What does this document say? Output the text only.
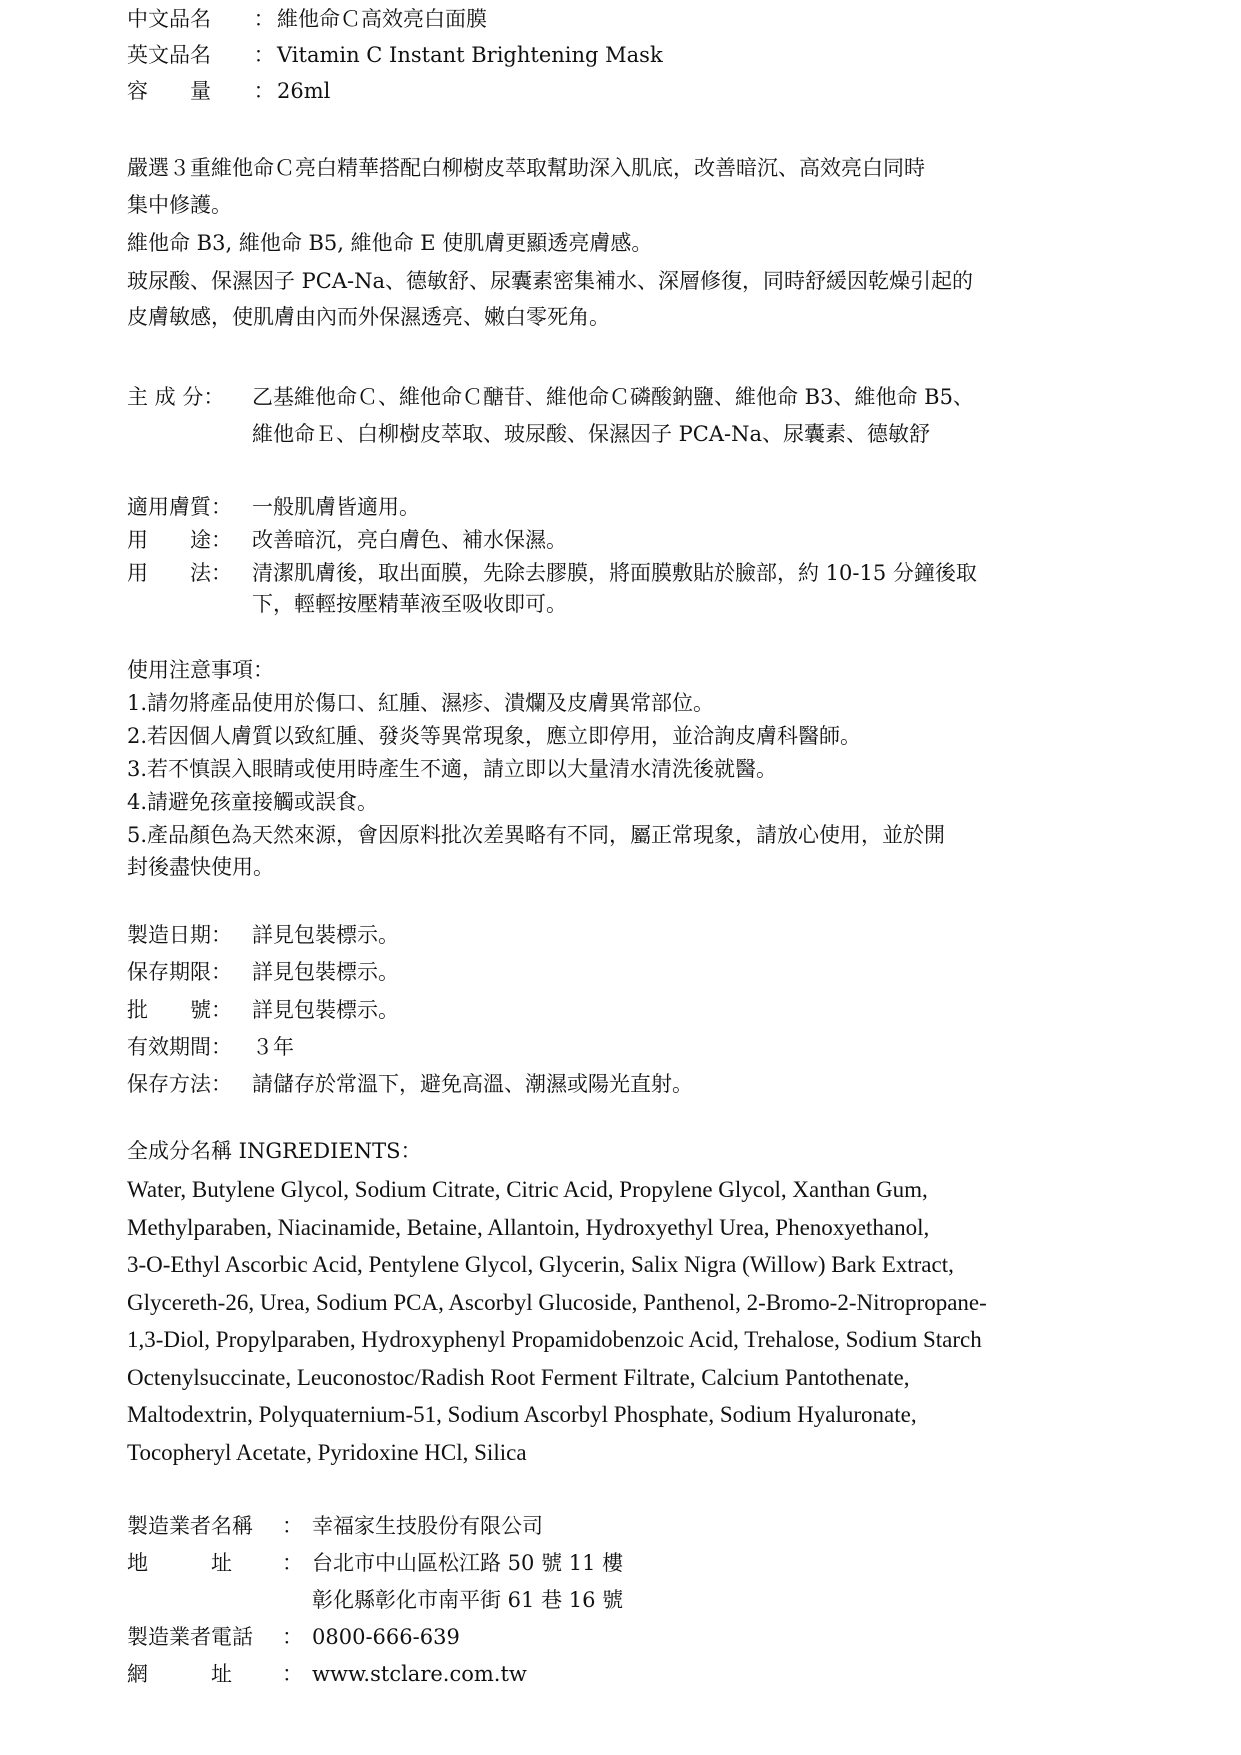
中文品名	： 維他命Ｃ高效亮白面膜
英文品名	： Vitamin C Instant Brightening Mask
容　　量	： 26ml
嚴選３重維他命Ｃ亮白精華搭配白柳樹皮萃取幫助深入肌底，改善暗沉、高效亮白同時
集中修護。
維他命 B3, 維他命 B5, 維他命 E 使肌膚更顯透亮膚感。
玻尿酸、保濕因子 PCA-Na、德敏舒、尿囊素密集補水、深層修復，同時舒緩因乾燥引起的
皮膚敏感，使肌膚由內而外保濕透亮、嫩白零死角。
主 成 分：	乙基維他命Ｃ、維他命Ｃ醣苷、維他命Ｃ磷酸鈉鹽、維他命 B3、維他命 B5、
維他命Ｅ、白柳樹皮萃取、玻尿酸、保濕因子 PCA-Na、尿囊素、德敏舒
適用膚質： 一般肌膚皆適用。
用　　途： 改善暗沉，亮白膚色、補水保濕。
用　　法： 清潔肌膚後，取出面膜，先除去膠膜，將面膜敷貼於臉部，約 10-15 分鐘後取
下，輕輕按壓精華液至吸收即可。
使用注意事項：
1.請勿將產品使用於傷口、紅腫、濕疹、潰爛及皮膚異常部位。
2.若因個人膚質以致紅腫、發炎等異常現象，應立即停用，並洽詢皮膚科醫師。
3.若不慎誤入眼睛或使用時產生不適，請立即以大量清水清洗後就醫。
4.請避免孩童接觸或誤食。
5.產品顏色為天然來源，會因原料批次差異略有不同，屬正常現象，請放心使用，並於開
封後盡快使用。
製造日期： 詳見包裝標示。
保存期限： 詳見包裝標示。
批　　號： 詳見包裝標示。
有效期間： ３年
保存方法： 請儲存於常溫下，避免高溫、潮濕或陽光直射。
全成分名稱 INGREDIENTS：
Water, Butylene Glycol, Sodium Citrate, Citric Acid, Propylene Glycol, Xanthan Gum,
Methylparaben, Niacinamide, Betaine, Allantoin, Hydroxyethyl Urea, Phenoxyethanol,
3-O-Ethyl Ascorbic Acid, Pentylene Glycol, Glycerin, Salix Nigra (Willow) Bark Extract,
Glycereth-26, Urea, Sodium PCA, Ascorbyl Glucoside, Panthenol, 2-Bromo-2-Nitropropane-
1,3-Diol, Propylparaben, Hydroxyphenyl Propamidobenzoic Acid, Trehalose, Sodium Starch
Octenylsuccinate, Leuconostoc/Radish Root Ferment Filtrate, Calcium Pantothenate,
Maltodextrin, Polyquaternium-51, Sodium Ascorbyl Phosphate, Sodium Hyaluronate,
Tocopheryl Acetate, Pyridoxine HCl, Silica
製造業者名稱	： 幸福家生技股份有限公司
地　　　址	： 台北市中山區松江路 50 號 11 樓
彰化縣彰化市南平街 61 巷 16 號
製造業者電話	： 0800-666-639
網　　　址	： www.stclare.com.tw
